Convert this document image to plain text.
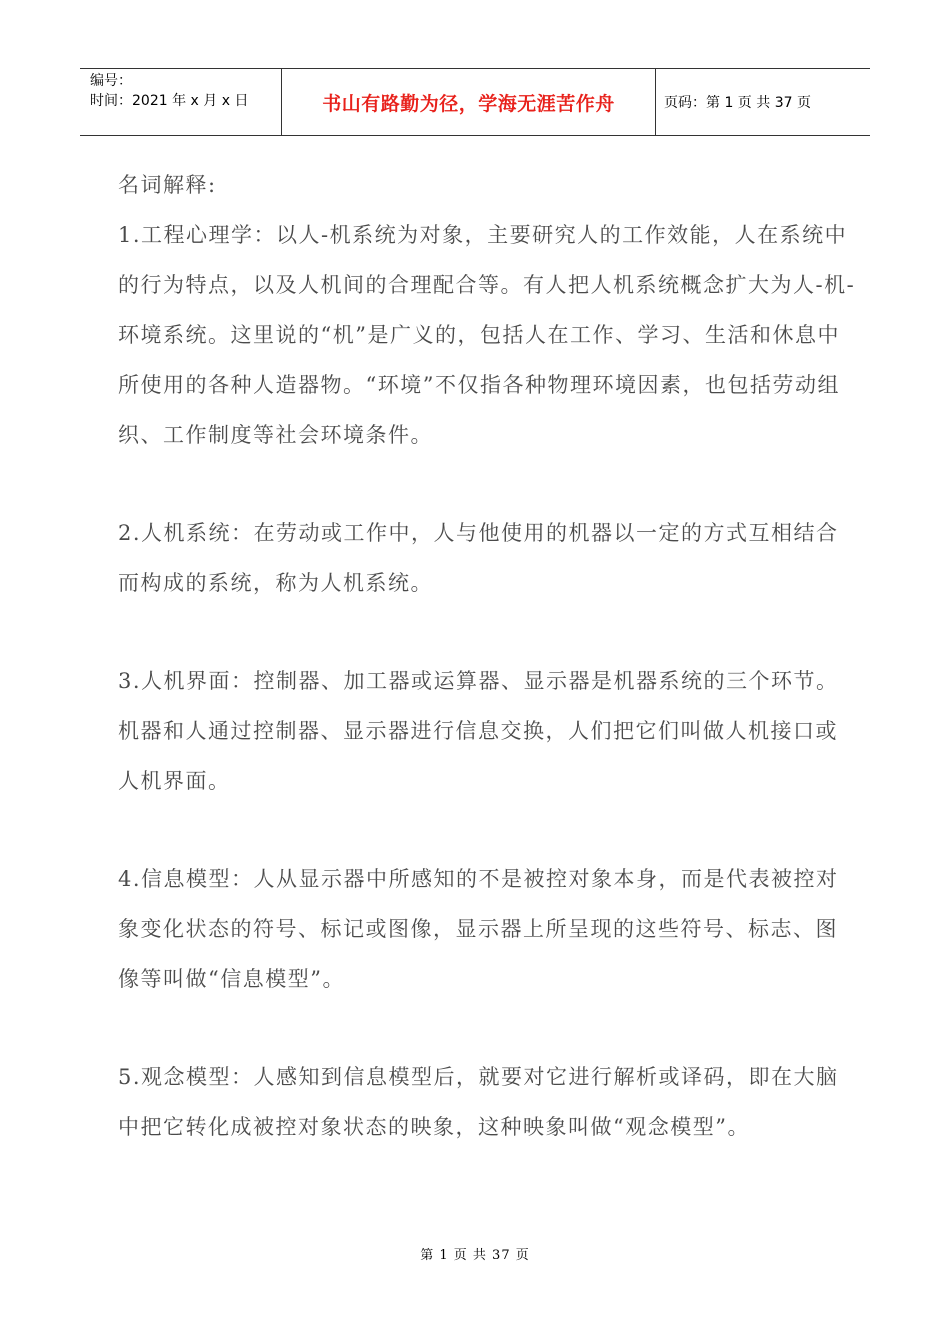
编号：
时间：2021 年 x 月 x 日	书山有路勤为径，学海无涯苦作舟	页码：第 1 页 共 37 页

名词解释:

1.工程心理学：以人-机系统为对象，主要研究人的工作效能，人在系统中的行为特点，以及人机间的合理配合等。有人把人机系统概念扩大为人-机-环境系统。这里说的“机”是广义的，包括人在工作、学习、生活和休息中所使用的各种人造器物。“环境”不仅指各种物理环境因素，也包括劳动组织、工作制度等社会环境条件。

2.人机系统：在劳动或工作中，人与他使用的机器以一定的方式互相结合而构成的系统，称为人机系统。

3.人机界面：控制器、加工器或运算器、显示器是机器系统的三个环节。机器和人通过控制器、显示器进行信息交换，人们把它们叫做人机接口或人机界面。

4.信息模型：人从显示器中所感知的不是被控对象本身，而是代表被控对象变化状态的符号、标记或图像，显示器上所呈现的这些符号、标志、图像等叫做“信息模型”。

5.观念模型：人感知到信息模型后，就要对它进行解析或译码，即在大脑中把它转化成被控对象状态的映象，这种映象叫做“观念模型”。

第 1 页 共 37 页
